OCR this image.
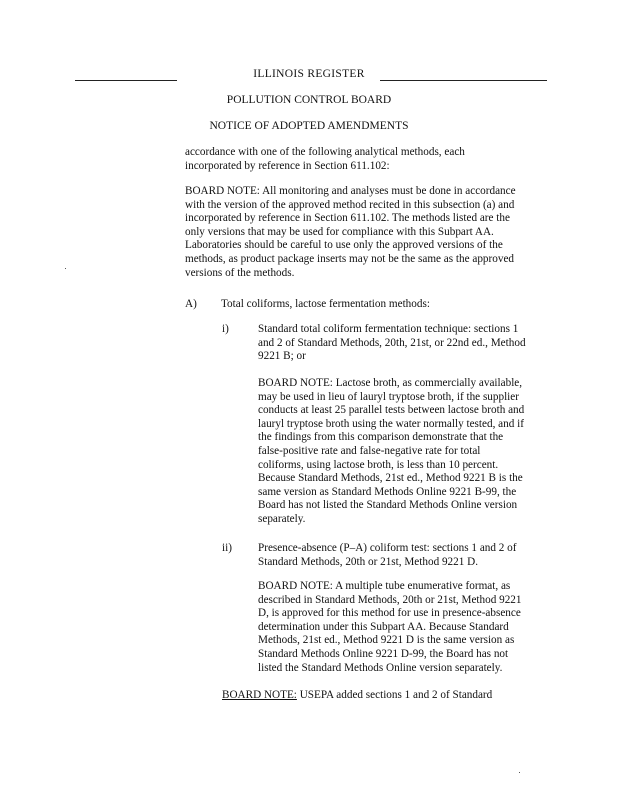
ILLINOIS REGISTER
POLLUTION CONTROL BOARD
NOTICE OF ADOPTED AMENDMENTS
accordance with one of the following analytical methods, each
incorporated by reference in Section 611.102:
BOARD NOTE: All monitoring and analyses must be done in accordance
with the version of the approved method recited in this subsection (a) and
incorporated by reference in Section 611.102. The methods listed are the
only versions that may be used for compliance with this Subpart AA.
Laboratories should be careful to use only the approved versions of the
methods, as product package inserts may not be the same as the approved
versions of the methods.
A) Total coliforms, lactose fermentation methods:
i)	Standard total coliform fermentation technique: sections 1
and 2 of Standard Methods, 20th, 21st, or 22nd ed., Method
9221 B; or
BOARD NOTE: Lactose broth, as commercially available,
may be used in lieu of lauryl tryptose broth, if the supplier
conducts at least 25 parallel tests between lactose broth and
lauryl tryptose broth using the water normally tested, and if
the findings from this comparison demonstrate that the
false-positive rate and false-negative rate for total
coliforms, using lactose broth, is less than 10 percent.
Because Standard Methods, 21st ed., Method 9221 B is the
same version as Standard Methods Online 9221 B-99, the
Board has not listed the Standard Methods Online version
separately.
ii) Presence-absence (P–A) coliform test: sections 1 and 2 of
Standard Methods, 20th or 21st, Method 9221 D.
BOARD NOTE: A multiple tube enumerative format, as
described in Standard Methods, 20th or 21st, Method 9221
D, is approved for this method for use in presence-absence
determination under this Subpart AA. Because Standard
Methods, 21st ed., Method 9221 D is the same version as
Standard Methods Online 9221 D-99, the Board has not
listed the Standard Methods Online version separately.
BOARD NOTE: USEPA added sections 1 and 2 of Standard
